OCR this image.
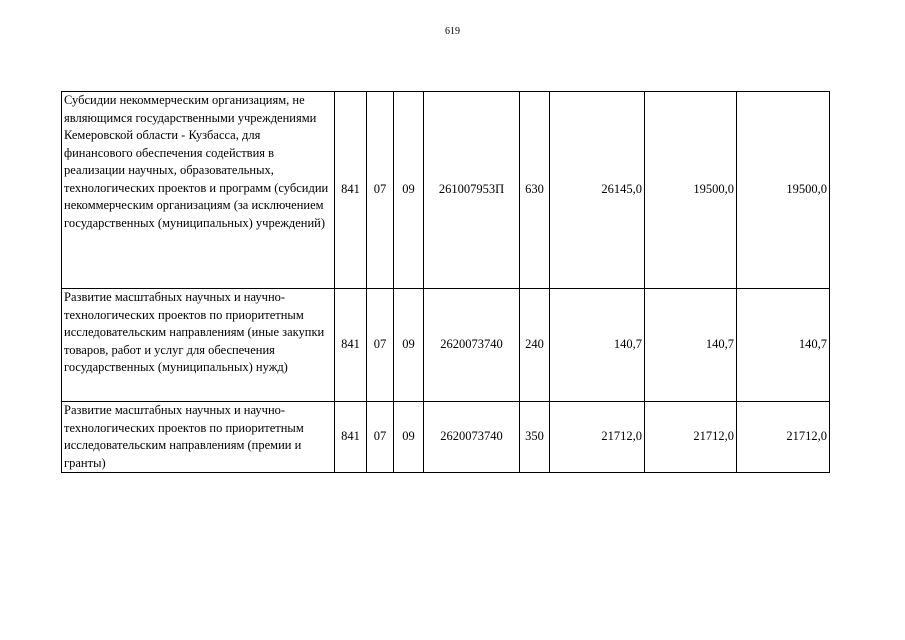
619
Субсидии некоммерческим организациям, не являющимся государственными учреждениями Кемеровской области - Кузбасса, для финансового обеспечения содействия в реализации научных, образовательных, технологических проектов и программ (субсидии некоммерческим организациям (за исключением государственных (муниципальных) учреждений)	841	07	09	261007953П	630	26145,0	19500,0	19500,0
Развитие масштабных научных и научно-технологических проектов по приоритетным исследовательским направлениям (иные закупки товаров, работ и услуг для обеспечения государственных (муниципальных) нужд)	841	07	09	2620073740	240	140,7	140,7	140,7
Развитие масштабных научных и научно-технологических проектов по приоритетным исследовательским направлениям (премии и гранты)	841	07	09	2620073740	350	21712,0	21712,0	21712,0
